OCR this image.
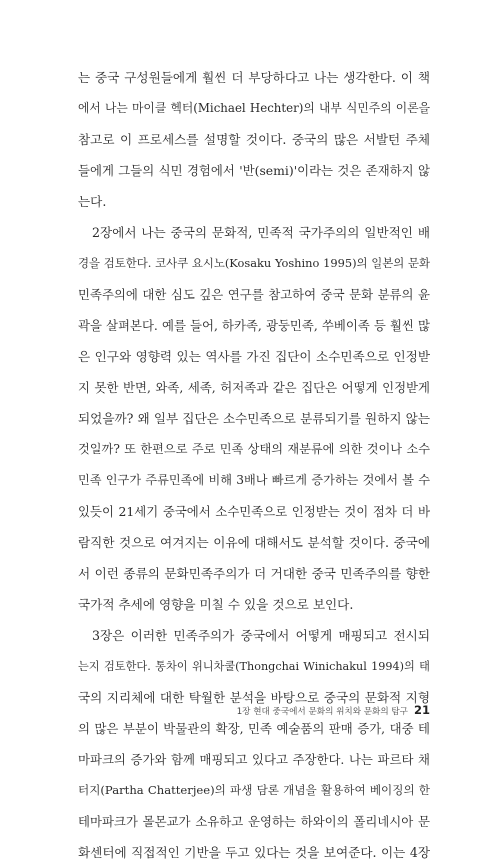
는 중국 구성원들에게 훨씬 더 부당하다고 나는 생각한다. 이 책
에서 나는 마이클 헥터(Michael Hechter)의 내부 식민주의 이론을
참고로 이 프로세스를 설명할 것이다. 중국의 많은 서발턴 주체
들에게 그들의 식민 경험에서 '반(semi)'이라는 것은 존재하지 않
는다.
2장에서 나는 중국의 문화적, 민족적 국가주의의 일반적인 배
경을 검토한다. 코사쿠 요시노(Kosaku Yoshino 1995)의 일본의 문화
민족주의에 대한 심도 깊은 연구를 참고하여 중국 문화 분류의 윤
곽을 살펴본다. 예를 들어, 하카족, 광둥민족, 쑤베이족 등 훨씬 많
은 인구와 영향력 있는 역사를 가진 집단이 소수민족으로 인정받
지 못한 반면, 와족, 세족, 허저족과 같은 집단은 어떻게 인정받게
되었을까? 왜 일부 집단은 소수민족으로 분류되기를 원하지 않는
것일까? 또 한편으로 주로 민족 상태의 재분류에 의한 것이나 소수
민족 인구가 주류민족에 비해 3배나 빠르게 증가하는 것에서 볼 수
있듯이 21세기 중국에서 소수민족으로 인정받는 것이 점차 더 바
람직한 것으로 여겨지는 이유에 대해서도 분석할 것이다. 중국에
서 이런 종류의 문화민족주의가 더 거대한 중국 민족주의를 향한
국가적 추세에 영향을 미칠 수 있을 것으로 보인다.
3장은 이러한 민족주의가 중국에서 어떻게 매핑되고 전시되
는지 검토한다. 통차이 위니차쿨(Thongchai Winichakul 1994)의 태
국의 지리체에 대한 탁월한 분석을 바탕으로 중국의 문화적 지형
의 많은 부분이 박물관의 확장, 민족 예술품의 판매 증가, 대중 테
마파크의 증가와 함께 매핑되고 있다고 주장한다. 나는 파르타 채
터지(Partha Chatterjee)의 파생 담론 개념을 활용하여 베이징의 한
테마파크가 몰몬교가 소유하고 운영하는 하와이의 폴리네시아 문
화센터에 직접적인 기반을 두고 있다는 것을 보여준다. 이는 4장
1장 현대 중국에서 문화의 위치와 문화의 탐구 21
